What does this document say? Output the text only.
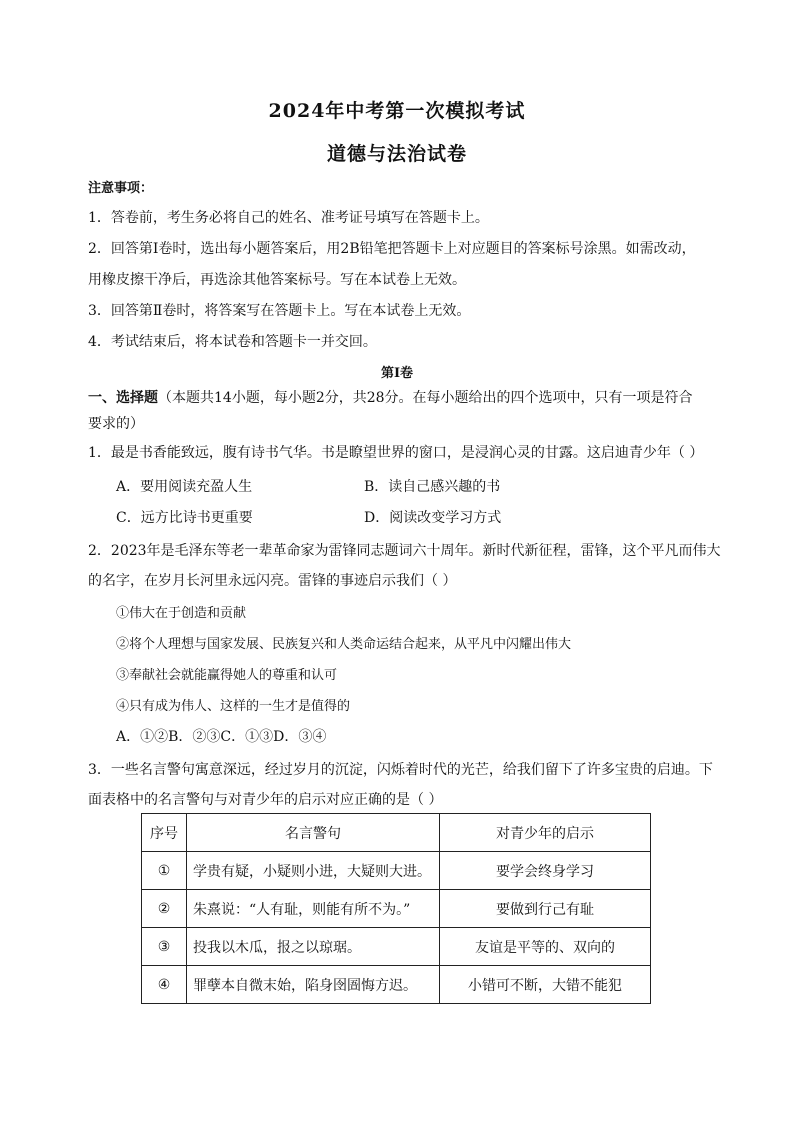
2024年中考第一次模拟考试
道德与法治试卷
注意事项：
1．答卷前，考生务必将自己的姓名、准考证号填写在答题卡上。
2．回答第Ⅰ卷时，选出每小题答案后，用2B铅笔把答题卡上对应题目的答案标号涂黑。如需改动，
用橡皮擦干净后，再选涂其他答案标号。写在本试卷上无效。
3．回答第Ⅱ卷时，将答案写在答题卡上。写在本试卷上无效。
4．考试结束后，将本试卷和答题卡一并交回。
第Ⅰ卷
一、选择题（本题共14小题，每小题2分，共28分。在每小题给出的四个选项中，只有一项是符合
要求的）
1．最是书香能致远，腹有诗书气华。书是瞭望世界的窗口，是浸润心灵的甘露。这启迪青少年（ ）
A．要用阅读充盈人生	B．读自己感兴趣的书
C．远方比诗书更重要	D．阅读改变学习方式
2．2023年是毛泽东等老一辈革命家为雷锋同志题词六十周年。新时代新征程，雷锋，这个平凡而伟大
的名字，在岁月长河里永远闪亮。雷锋的事迹启示我们（ ）
①伟大在于创造和贡献
②将个人理想与国家发展、民族复兴和人类命运结合起来，从平凡中闪耀出伟大
③奉献社会就能赢得她人的尊重和认可
④只有成为伟人、这样的一生才是值得的
A．①②B．②③C．①③D．③④
3．一些名言警句寓意深远，经过岁月的沉淀，闪烁着时代的光芒，给我们留下了许多宝贵的启迪。下
面表格中的名言警句与对青少年的启示对应正确的是（ ）
序号	名言警句	对青少年的启示
①	学贵有疑，小疑则小进，大疑则大进。	要学会终身学习
②	朱熹说：“人有耻，则能有所不为。”	要做到行己有耻
③	投我以木瓜，报之以琼琚。	友谊是平等的、双向的
④	罪孽本自微末始，陷身囹圄悔方迟。	小错可不断，大错不能犯
